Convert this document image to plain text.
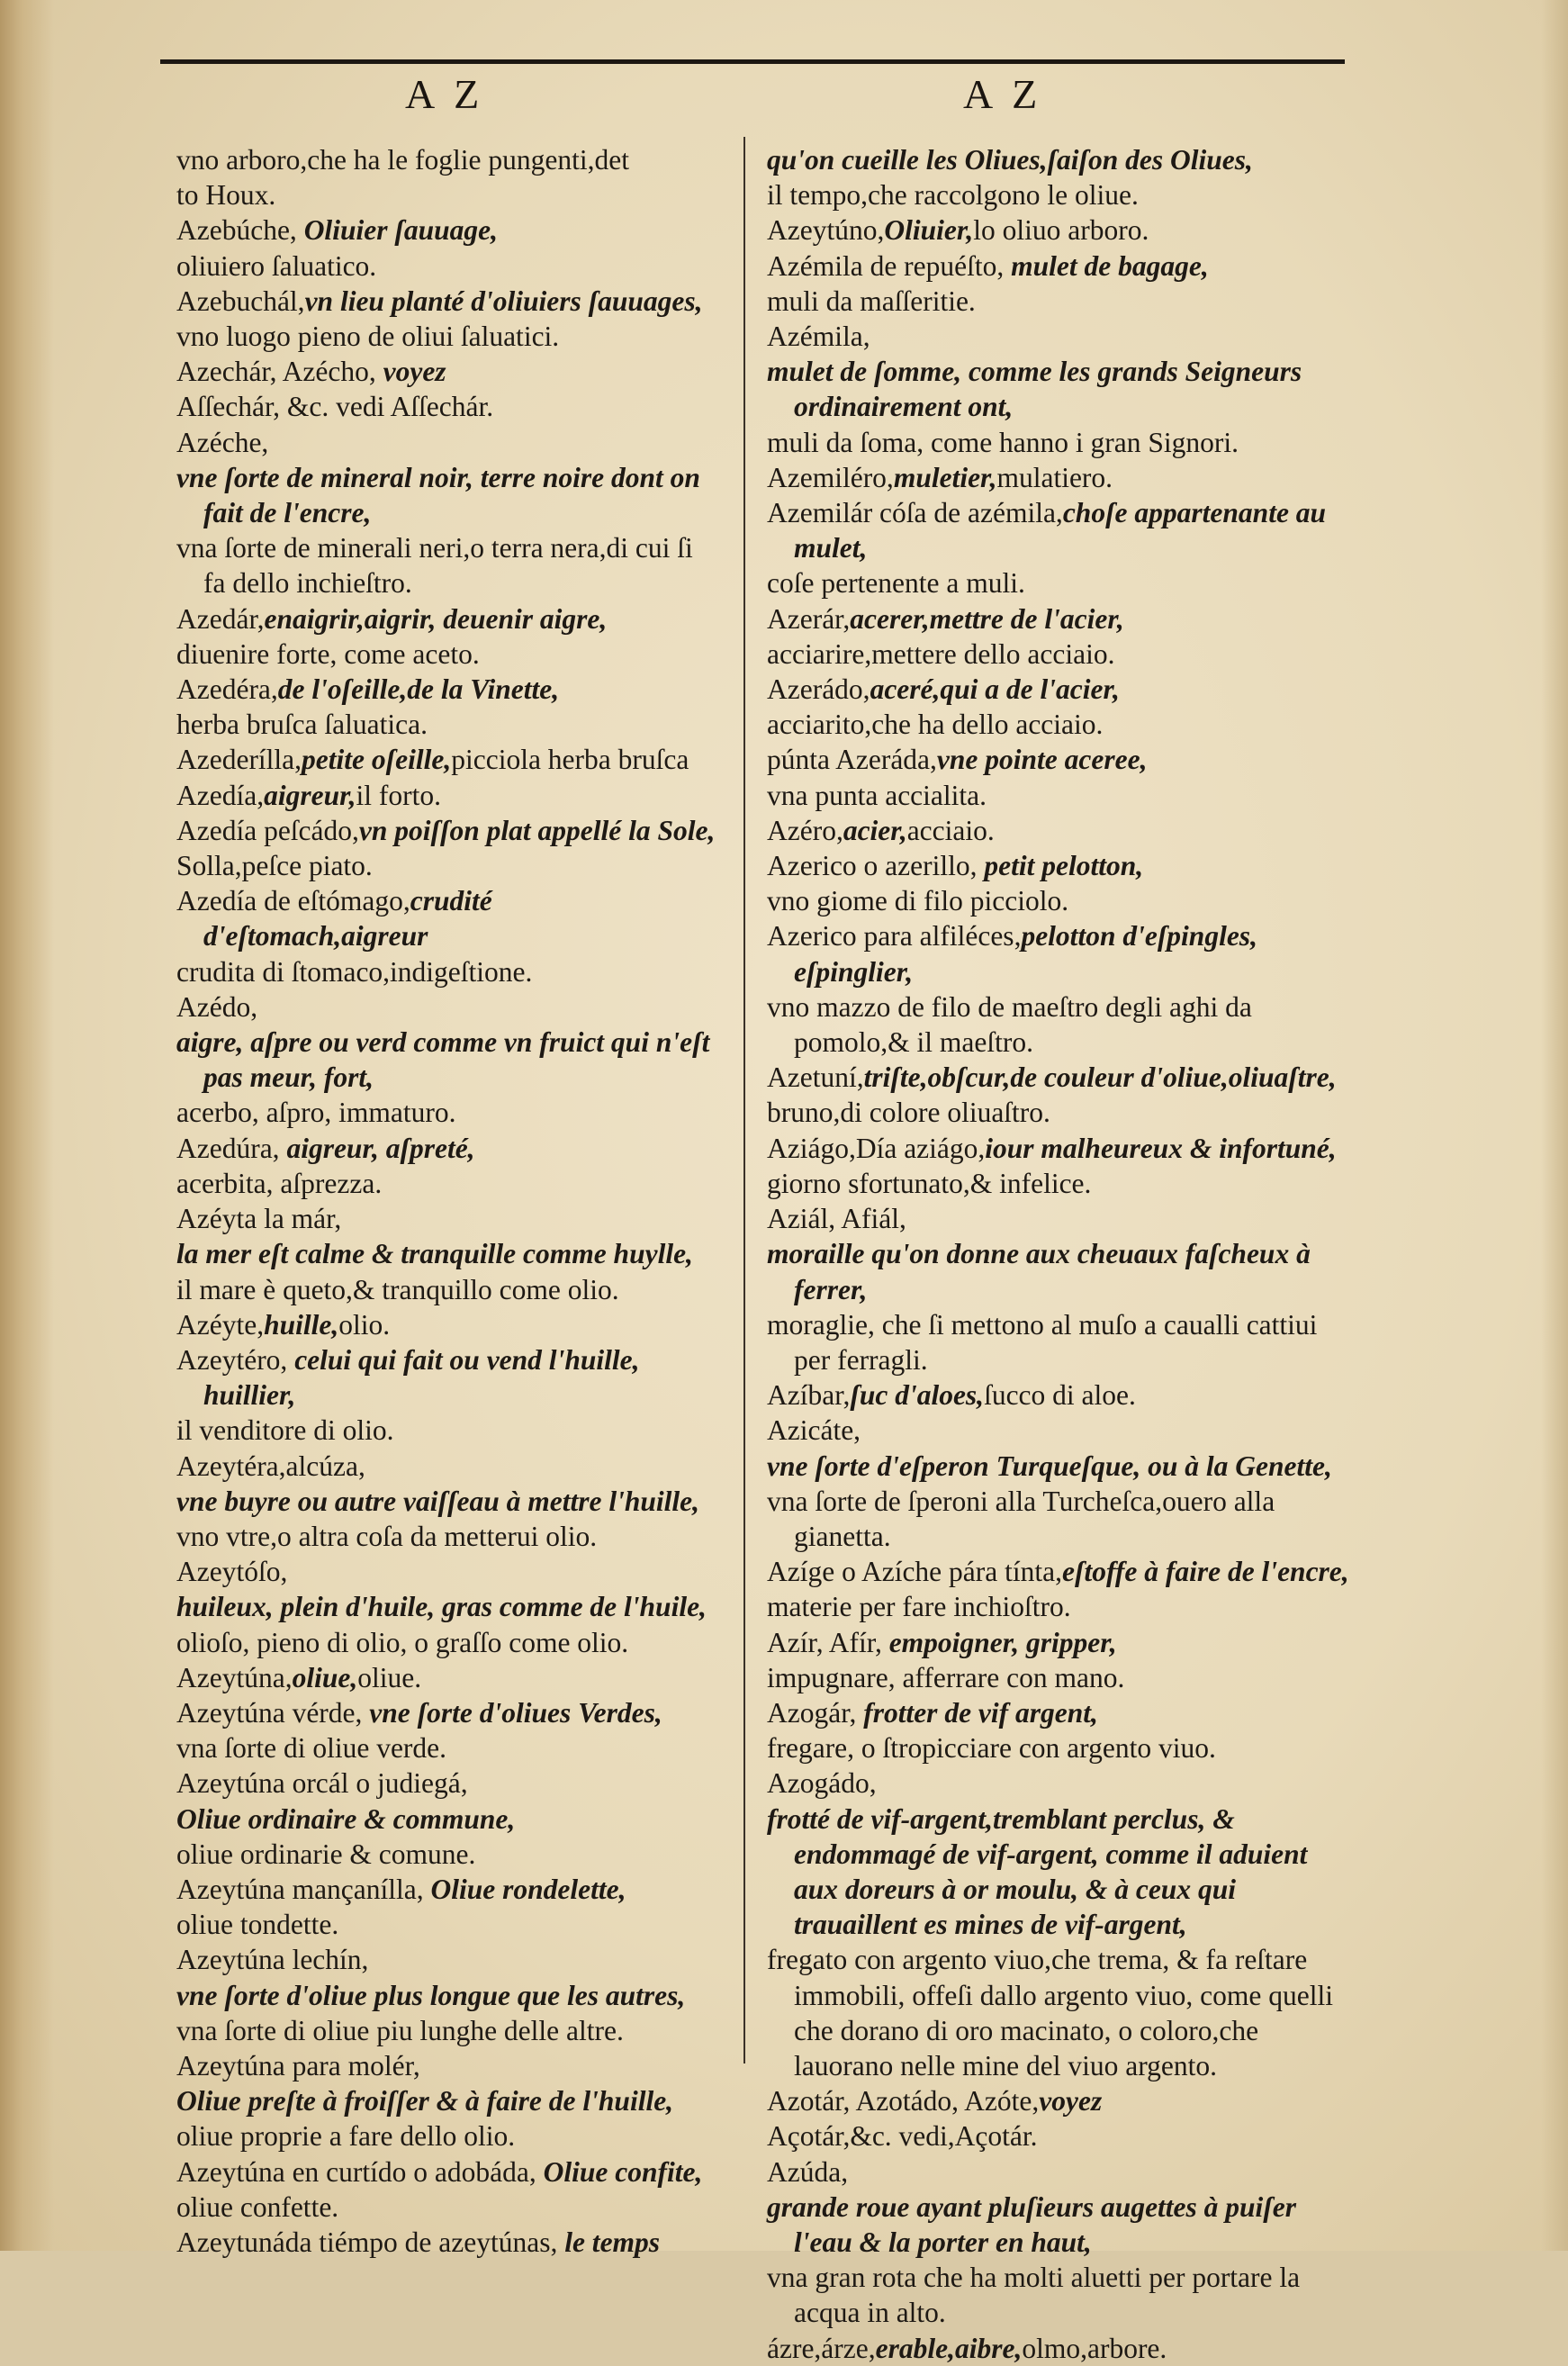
A Z	A Z
vno arboro,che ha le foglie pungenti,det
to Houx.
Azebúche, Oliuier ſauuage,
oliuiero ſaluatico.
Azebuchál,vn lieu planté d'oliuiers ſauuages,
vno luogo pieno de oliui ſaluatici.
Azechár, Azécho, voyez
Aſſechár, &c. vedi Aſſechár.
Azéche,
vne ſorte de mineral noir, terre noire dont on fait de l'encre,
vna ſorte de minerali neri,o terra nera,di cui ſi fa dello inchieſtro.
Azedár,enaigrir,aigrir, deuenir aigre,
diuenire forte, come aceto.
Azedéra,de l'oſeille,de la Vinette,
herba bruſca ſaluatica.
Azederílla,petite oſeille,picciola herba bruſca
Azedía,aigreur,il forto.
Azedía peſcádo,vn poiſſon plat appellé la Sole,
Solla,peſce piato.
Azedía de eſtómago,crudité d'eſtomach,aigreur
crudita di ſtomaco,indigeſtione.
Azédo,
aigre, aſpre ou verd comme vn fruict qui n'eſt pas meur, fort,
acerbo, aſpro, immaturo.
Azedúra, aigreur, aſpreté,
acerbita, aſprezza.
Azéyta la már,
la mer eſt calme & tranquille comme huylle,
il mare è queto,& tranquillo come olio.
Azéyte,huille,olio.
Azeytéro, celui qui fait ou vend l'huille, huillier,
il venditore di olio.
Azeytéra,alcúza,
vne buyre ou autre vaiſſeau à mettre l'huille,
vno vtre,o altra coſa da metterui olio.
Azeytóſo,
huileux, plein d'huile, gras comme de l'huile,
olioſo, pieno di olio, o graſſo come olio.
Azeytúna,oliue,oliue.
Azeytúna vérde, vne ſorte d'oliues Verdes,
vna ſorte di oliue verde.
Azeytúna orcál o judiegá,
Oliue ordinaire & commune,
oliue ordinarie & comune.
Azeytúna mançanílla, Oliue rondelette,
oliue tondette.
Azeytúna lechín,
vne ſorte d'oliue plus longue que les autres,
vna ſorte di oliue piu lunghe delle altre.
Azeytúna para molér,
Oliue preſte à froiſſer & à faire de l'huille,
oliue proprie a fare dello olio.
Azeytúna en curtído o adobáda, Oliue confite,
oliue confette.
Azeytunáda tiémpo de azeytúnas, le temps
qu'on cueille les Oliues,ſaiſon des Oliues,
il tempo,che raccolgono le oliue.
Azeytúno,Oliuier,lo oliuo arboro.
Azémila de repuéſto, mulet de bagage,
muli da maſſeritie.
Azémila,
mulet de ſomme, comme les grands Seigneurs ordinairement ont,
muli da ſoma, come hanno i gran Signori.
Azemiléro,muletier,mulatiero.
Azemilár cóſa de azémila,choſe appartenante au mulet,
coſe pertenente a muli.
Azerár,acerer,mettre de l'acier,
acciarire,mettere dello acciaio.
Azerádo,aceré,qui a de l'acier,
acciarito,che ha dello acciaio.
púnta Azeráda,vne pointe aceree,
vna punta accialita.
Azéro,acier,acciaio.
Azerico o azerillo, petit pelotton,
vno giome di filo picciolo.
Azerico para alfiléces,pelotton d'eſpingles, eſpinglier,
vno mazzo de filo de maeſtro degli aghi da pomolo,& il maeſtro.
Azetuní,triſte,obſcur,de couleur d'oliue,oliuaſtre,
bruno,di colore oliuaſtro.
Aziágo,Día aziágo,iour malheureux & infortuné,
giorno sfortunato,& infelice.
Aziál, Afiál,
moraille qu'on donne aux cheuaux faſcheux à ferrer,
moraglie, che ſi mettono al muſo a caualli cattiui per ferragli.
Azíbar,ſuc d'aloes,ſucco di aloe.
Azicáte,
vne ſorte d'eſperon Turqueſque, ou à la Genette,
vna ſorte de ſperoni alla Turcheſca,ouero alla gianetta.
Azíge o Azíche pára tínta,eſtoffe à faire de l'encre,
materie per fare inchioſtro.
Azír, Afír, empoigner, gripper,
impugnare, afferrare con mano.
Azogár, frotter de vif argent,
fregare, o ſtropicciare con argento viuo.
Azogádo,
frotté de vif-argent,tremblant perclus, & endommagé de vif-argent, comme il aduient aux doreurs à or moulu, & à ceux qui trauaillent es mines de vif-argent,
fregato con argento viuo,che trema, & fa reſtare immobili, offeſi dallo argento viuo, come quelli che dorano di oro macinato, o coloro,che lauorano nelle mine del viuo argento.
Azotár, Azotádo, Azóte,voyez
Açotár,&c. vedi,Açotár.
Azúda,
grande roue ayant pluſieurs augettes à puiſer l'eau & la porter en haut,
vna gran rota che ha molti aluetti per portare la acqua in alto.
ázre,árze,erable,aibre,olmo,arbore.
